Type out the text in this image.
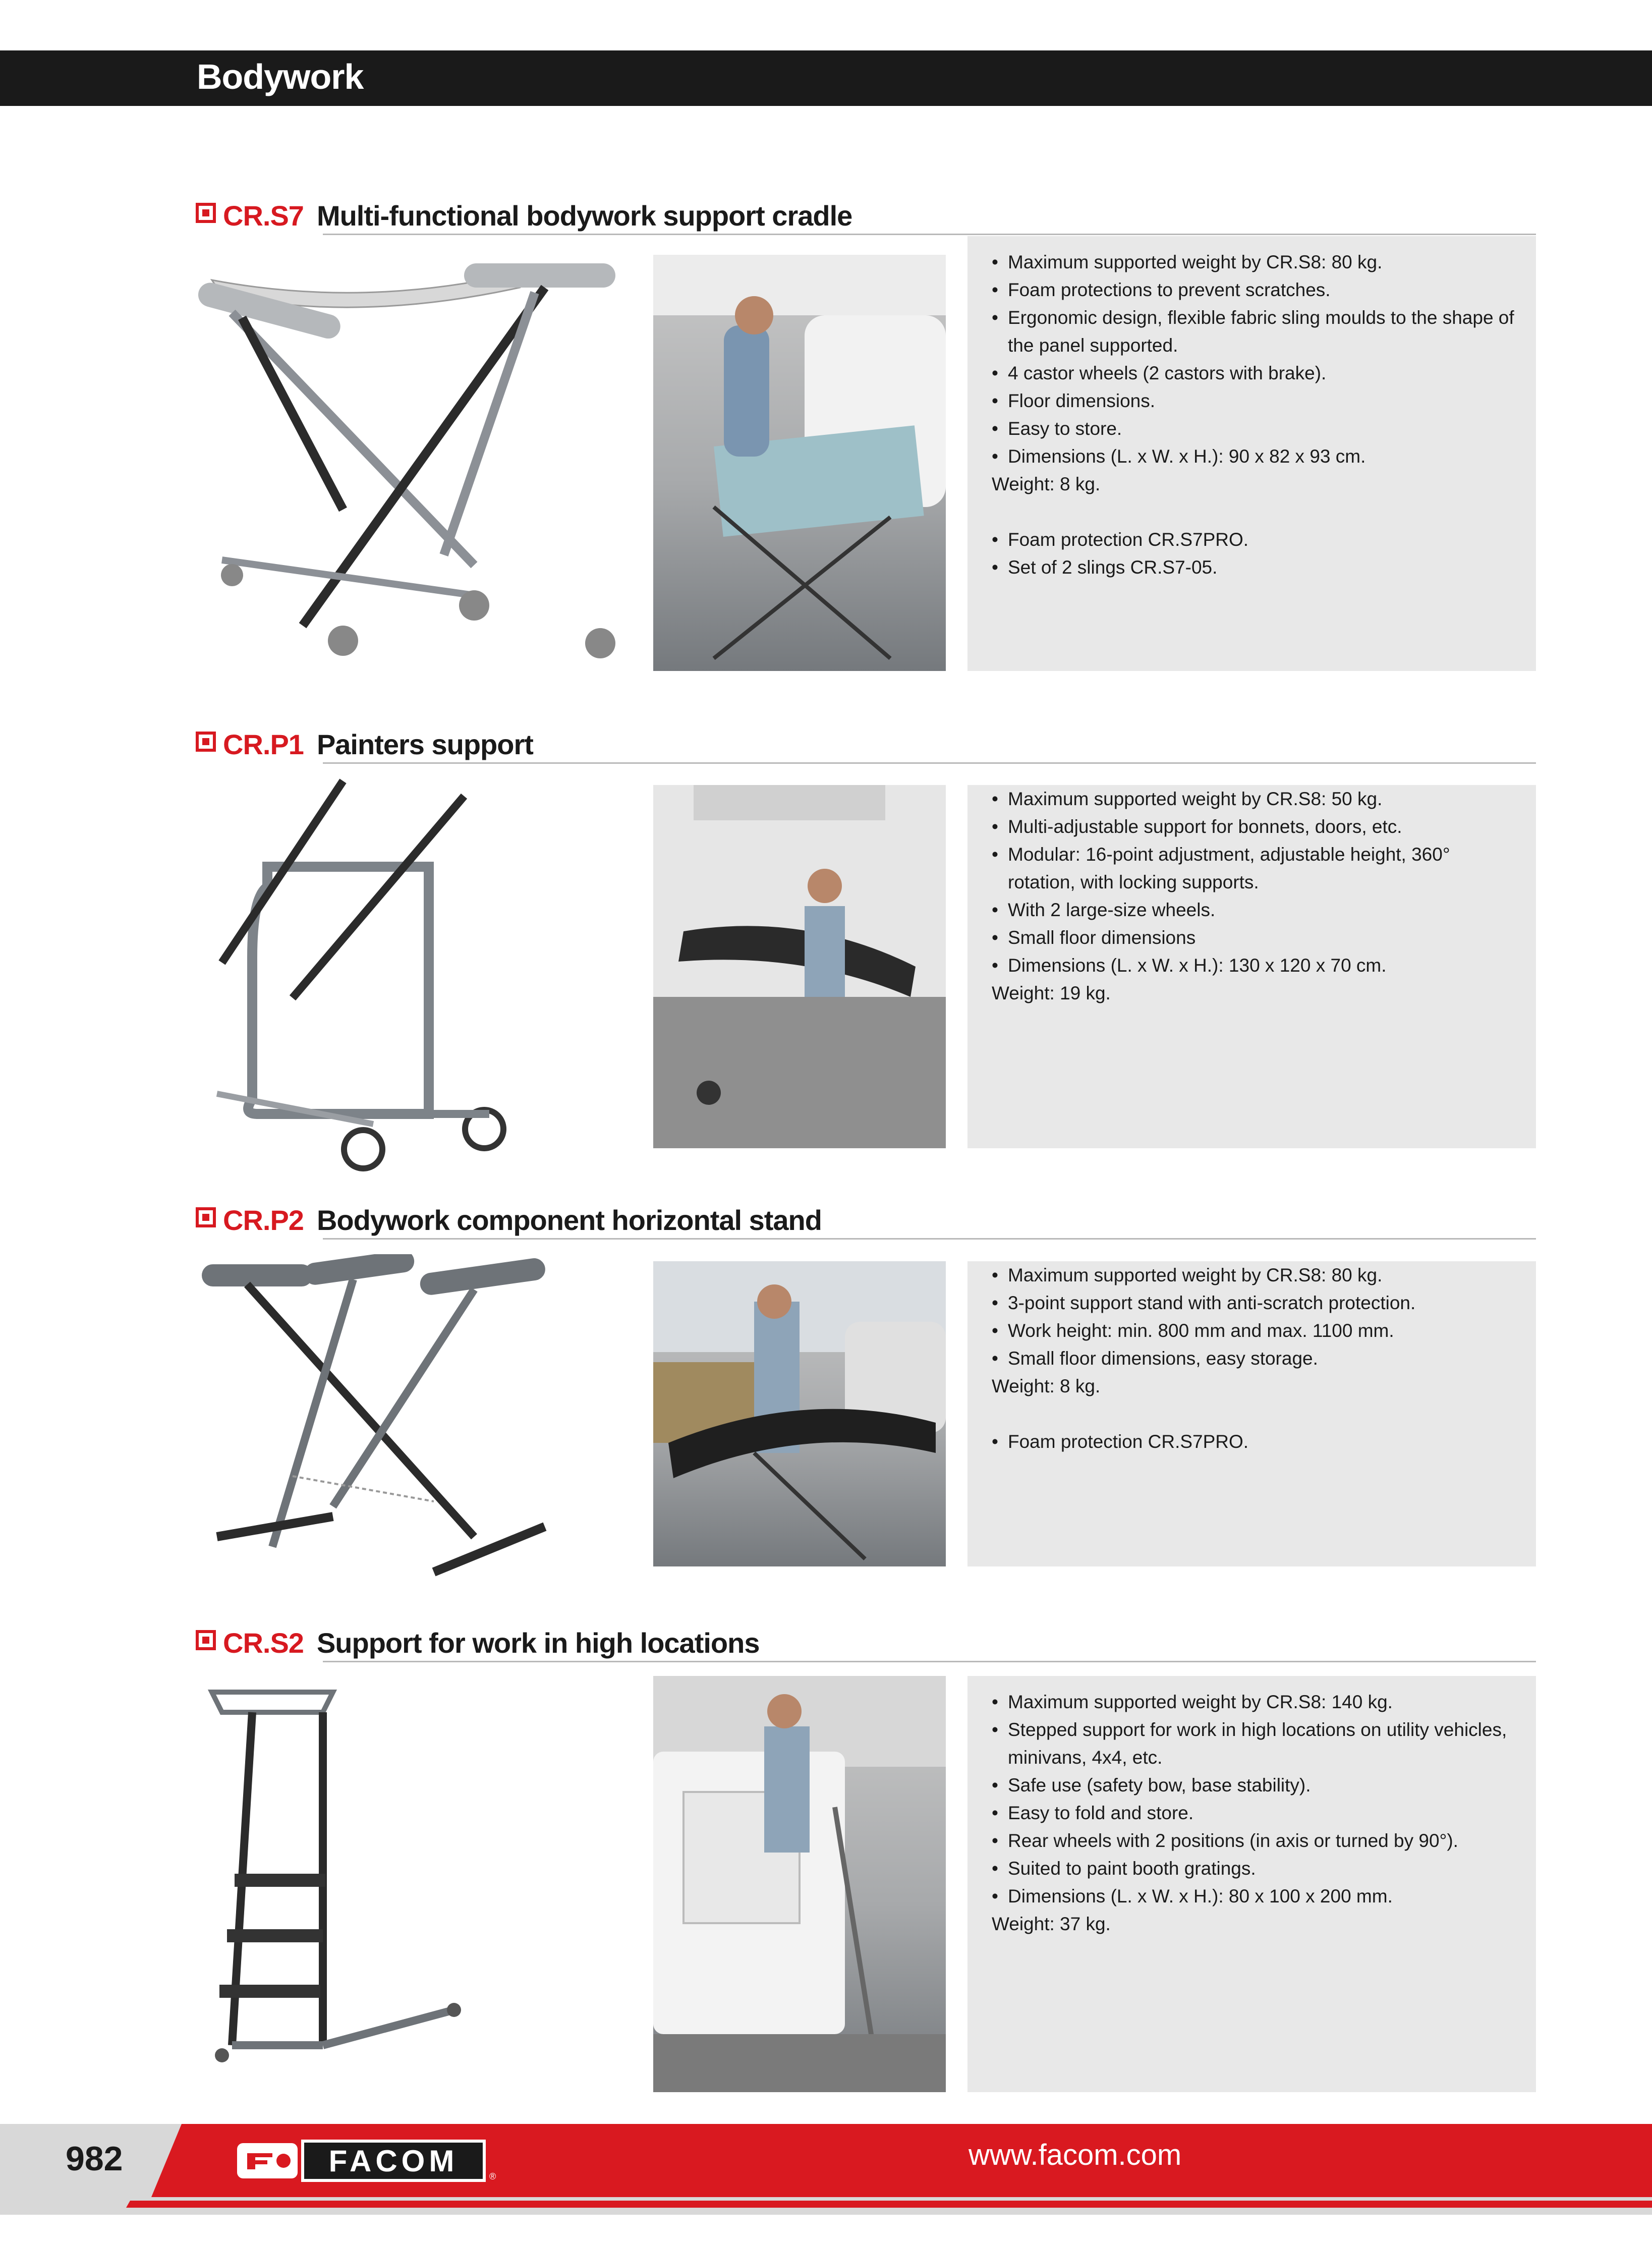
Bodywork
CR.S7 Multi-functional bodywork support cradle
• Maximum supported weight by CR.S8: 80 kg.
• Foam protections to prevent scratches.
• Ergonomic design, flexible fabric sling moulds to the shape of the panel supported.
• 4 castor wheels (2 castors with brake).
• Floor dimensions.
• Easy to store.
• Dimensions (L. x W. x H.): 90 x 82 x 93 cm.
Weight: 8 kg.
• Foam protection CR.S7PRO.
• Set of 2 slings CR.S7-05.
CR.P1 Painters support
• Maximum supported weight by CR.S8: 50 kg.
• Multi-adjustable support for bonnets, doors, etc.
• Modular: 16-point adjustment, adjustable height, 360° rotation, with locking supports.
• With 2 large-size wheels.
• Small floor dimensions
• Dimensions (L. x W. x H.): 130 x 120 x 70 cm.
Weight: 19 kg.
CR.P2 Bodywork component horizontal stand
• Maximum supported weight by CR.S8: 80 kg.
• 3-point support stand with anti-scratch protection.
• Work height: min. 800 mm and max. 1100 mm.
• Small floor dimensions, easy storage.
Weight: 8 kg.
• Foam protection CR.S7PRO.
CR.S2 Support for work in high locations
• Maximum supported weight by CR.S8: 140 kg.
• Stepped support for work in high locations on utility vehicles, minivans, 4x4, etc.
• Safe use (safety bow, base stability).
• Easy to fold and store.
• Rear wheels with 2 positions (in axis or turned by 90°).
• Suited to paint booth gratings.
• Dimensions (L. x W. x H.): 80 x 100 x 200 mm.
Weight: 37 kg.
982	FACOM	®
www.facom.com
